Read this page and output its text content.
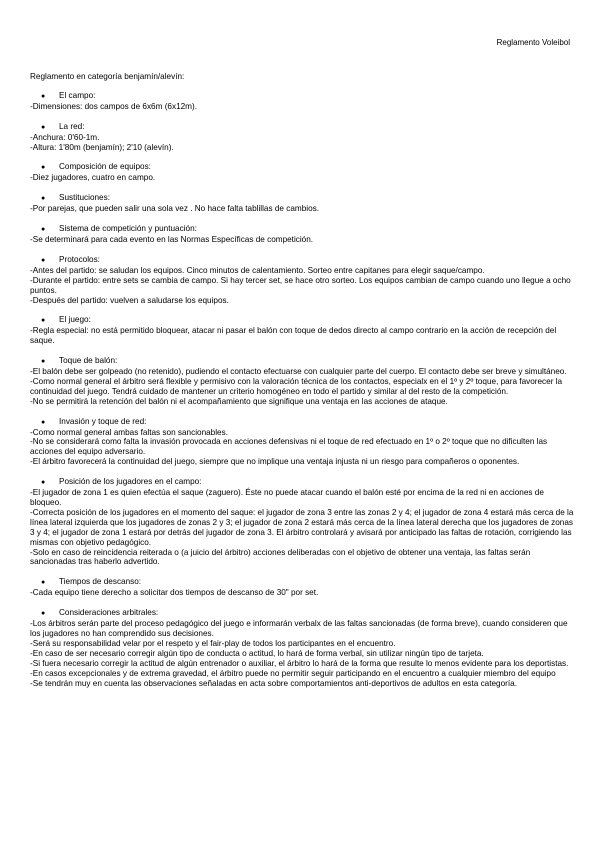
Reglamento Voleibol
Reglamento en categoría benjamín/alevín:
●	El campo:
-Dimensiones: dos campos de 6x6m (6x12m).
●	La red:
-Anchura: 0'60-1m.
-Altura: 1'80m (benjamín); 2'10 (alevín).
●	Composición de equipos:
-Diez jugadores, cuatro en campo.
●	Sustituciones:
-Por parejas, que pueden salir una sola vez . No hace falta tablillas de cambios.
●	Sistema de competición y puntuación:
-Se determinará para cada evento en las Normas Específicas de competición.
●	Protocolos:
-Antes del partido: se saludan los equipos. Cinco minutos de calentamiento. Sorteo entre capitanes para elegir saque/campo.
-Durante el partido: entre sets se cambia de campo. Si hay tercer set, se hace otro sorteo. Los equipos cambian de campo cuando uno llegue a ocho puntos.
-Después del partido: vuelven a saludarse los equipos.
●	El juego:
-Regla especial: no está permitido bloquear, atacar ni pasar el balón con toque de dedos directo al campo contrario en la acción de recepción del saque.
●	Toque de balón:
-El balón debe ser golpeado (no retenido), pudiendo el contacto efectuarse con cualquier parte del cuerpo. El contacto debe ser breve y simultáneo.
-Como normal general el árbitro será flexible y permisivo con la valoración técnica de los contactos, especialx en el 1º y 2º toque, para favorecer la continuidad del juego. Tendrá cuidado de mantener un criterio homogéneo en todo el partido y similar al del resto de la competición.
-No se permitirá la retención del balón ni el acompañamiento que signifique una ventaja en las acciones de ataque.
●	Invasión y toque de red:
-Como normal general ambas faltas son sancionables.
-No se considerará como falta la invasión provocada en acciones defensivas ni el toque de red efectuado en 1º o 2º toque que no dificulten las acciones del equipo adversario.
-El árbitro favorecerá la continuidad del juego, siempre que no implique una ventaja injusta ni un riesgo para compañeros o oponentes.
●	Posición de los jugadores en el campo:
-El jugador de zona 1 es quien efectúa el saque (zaguero). Éste no puede atacar cuando el balón esté por encima de la red ni en acciones de bloqueo.
-Correcta posición de los jugadores en el momento del saque: el jugador de zona 3 entre las zonas 2 y 4; el jugador de zona 4 estará más cerca de la línea lateral izquierda que los jugadores de zonas 2 y 3; el jugador de zona 2 estará más cerca de la línea lateral derecha que los jugadores de zonas 3 y 4; el jugador de zona 1 estará por detrás del jugador de zona 3. El árbitro controlará y avisará por anticipado las faltas de rotación, corrigiendo las mismas con objetivo pedagógico.
-Solo en caso de reincidencia reiterada o (a juicio del árbitro) acciones deliberadas con el objetivo de obtener una ventaja, las faltas serán sancionadas tras haberlo advertido.
●	Tiempos de descanso:
-Cada equipo tiene derecho a solicitar dos tiempos de descanso de 30" por set.
●	Consideraciones arbitrales:
-Los árbitros serán parte del proceso pedagógico del juego e informarán verbalx de las faltas sancionadas (de forma breve), cuando consideren que los jugadores no han comprendido sus decisiones.
-Será su responsabilidad velar por el respeto y el fair-play de todos los participantes en el encuentro.
-En caso de ser necesario corregir algún tipo de conducta o actitud, lo hará de forma verbal, sin utilizar ningún tipo de tarjeta.
-Si fuera necesario corregir la actitud de algún entrenador o auxiliar, el árbitro lo hará de la forma que resulte lo menos evidente para los deportistas.
-En casos excepcionales y de extrema gravedad, el árbitro puede no permitir seguir participando en el encuentro a cualquier miembro del equipo
-Se tendrán muy en cuenta las observaciones señaladas en acta sobre comportamientos anti-deportivos de adultos en esta categoría.
